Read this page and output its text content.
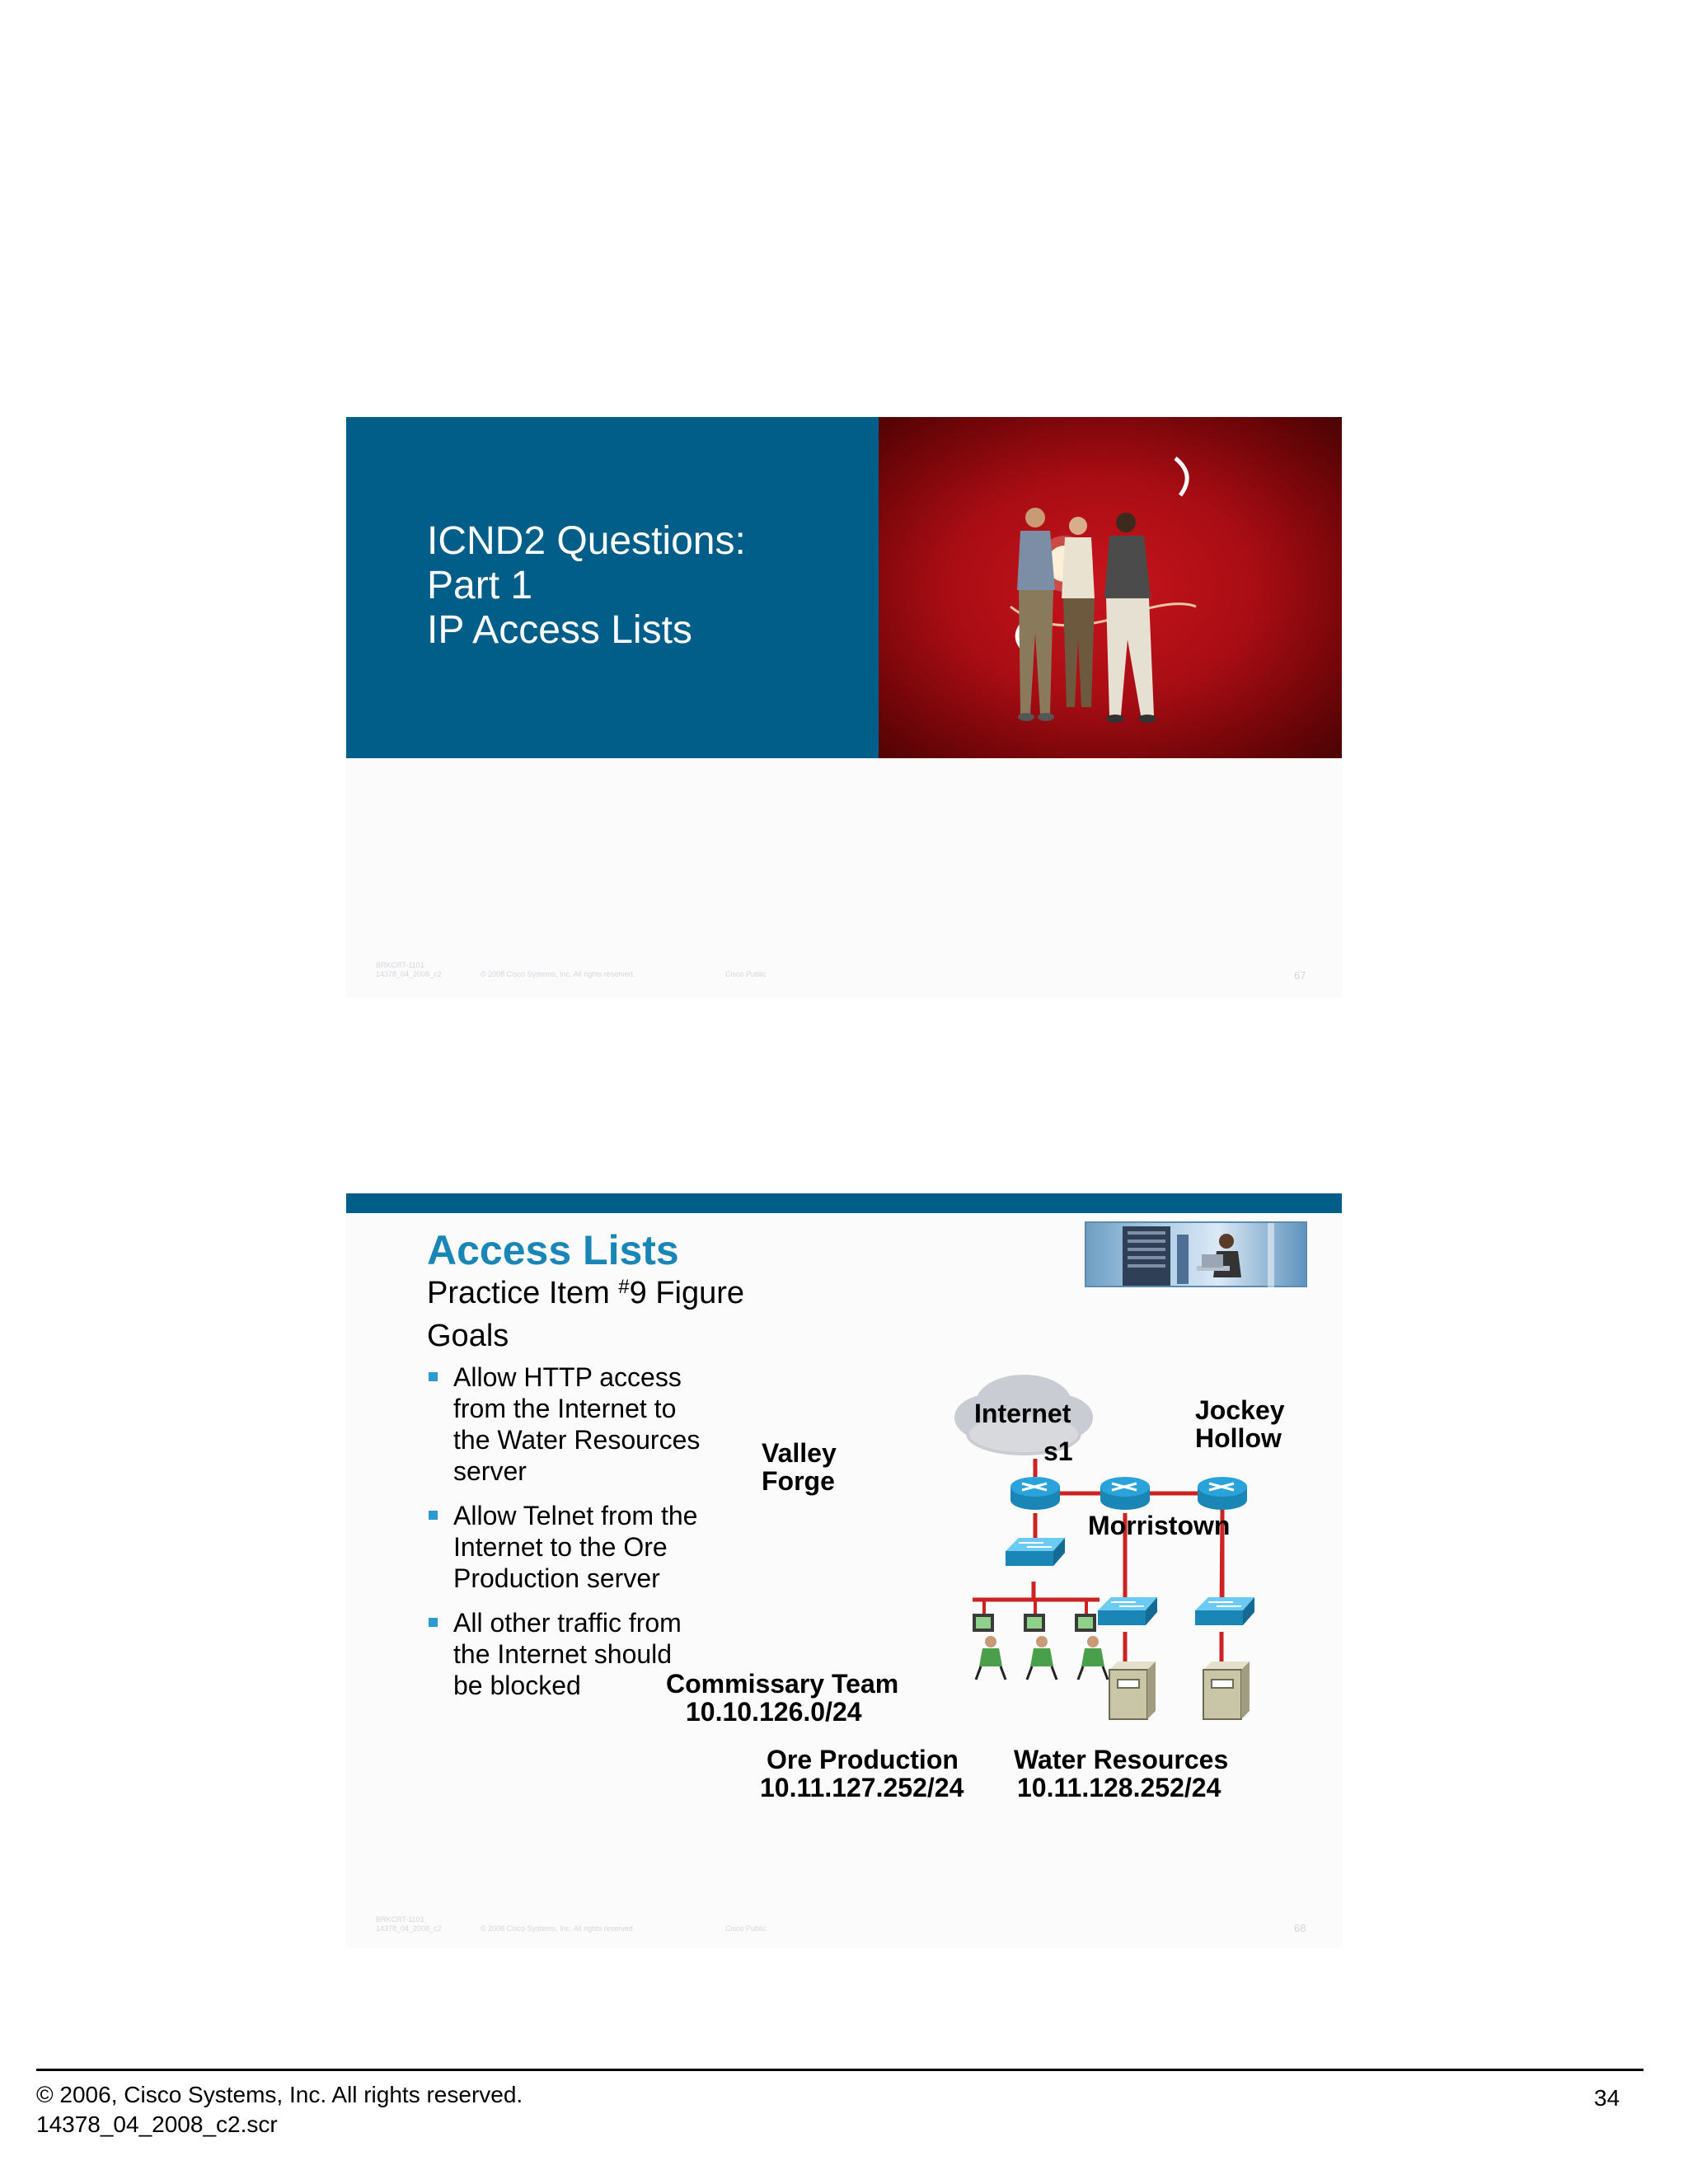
ICND2 Questions:
Part 1
IP Access Lists
BRKCRT-1101
14378_04_2008_c2	© 2008 Cisco Systems, Inc. All rights reserved.	Cisco Public	67
Access Lists
Practice Item #9 Figure
Goals
Allow HTTP access from the Internet to the Water Resources server
Allow Telnet from the Internet to the Ore Production server
All other traffic from the Internet should be blocked
Internet
s1
Valley
Forge
Morristown
Jockey
Hollow
Commissary Team
10.10.126.0/24
Ore Production
10.11.127.252/24
Water Resources
10.11.128.252/24
BRKCRT-1101
14378_04_2008_c2	© 2008 Cisco Systems, Inc. All rights reserved.	Cisco Public	68
© 2006, Cisco Systems, Inc. All rights reserved.
14378_04_2008_c2.scr
34
